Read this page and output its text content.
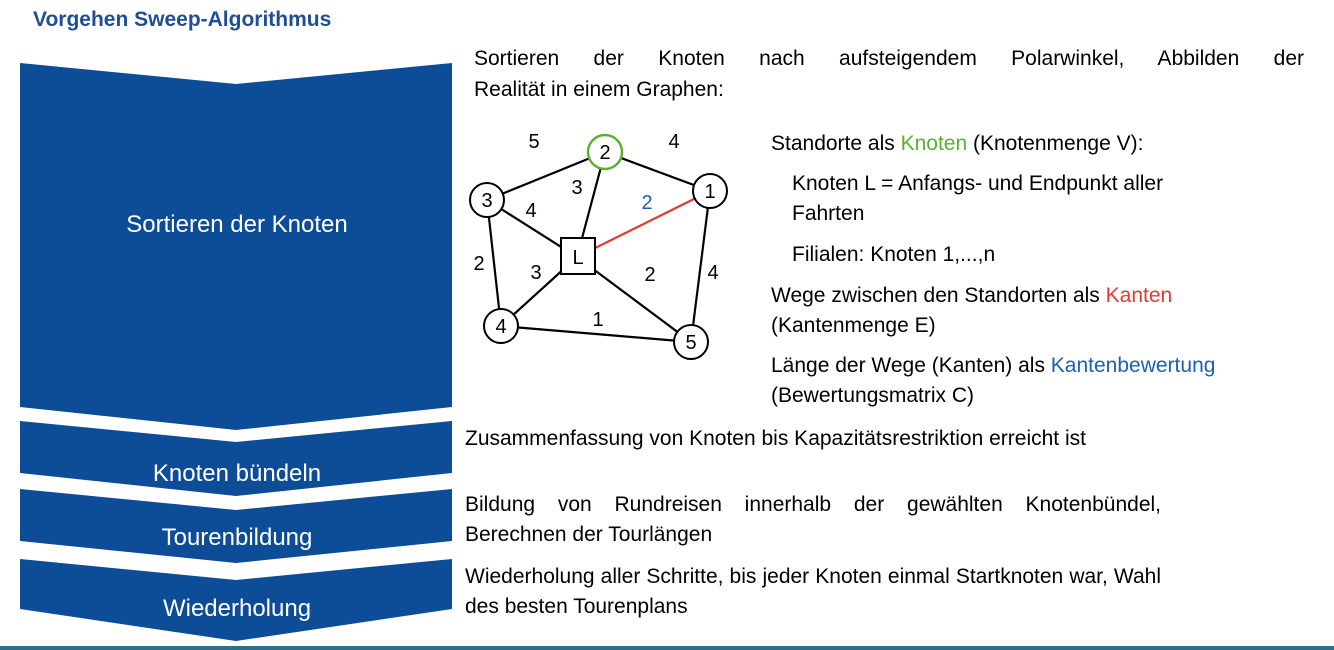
Vorgehen Sweep-Algorithmus
Sortieren der Knoten
Knoten bündeln
Tourenbildung
Wiederholung
Sortieren der Knoten nach aufsteigendem Polarwinkel, Abbilden der
Realität in einem Graphen:
2
1
3
L
4
5
5	4
3
4	2
2 3	2	4
1
Standorte als Knoten (Knotenmenge V):
Knoten L = Anfangs- und Endpunkt aller
Fahrten
Filialen: Knoten 1,...,n
Wege zwischen den Standorten als Kanten
(Kantenmenge E)
Länge der Wege (Kanten) als Kantenbewertung
(Bewertungsmatrix C)
Zusammenfassung von Knoten bis Kapazitätsrestriktion erreicht ist
Bildung von Rundreisen innerhalb der gewählten Knotenbündel, Berechnen der Tourlängen
Wiederholung aller Schritte, bis jeder Knoten einmal Startknoten war, Wahl des besten Tourenplans
